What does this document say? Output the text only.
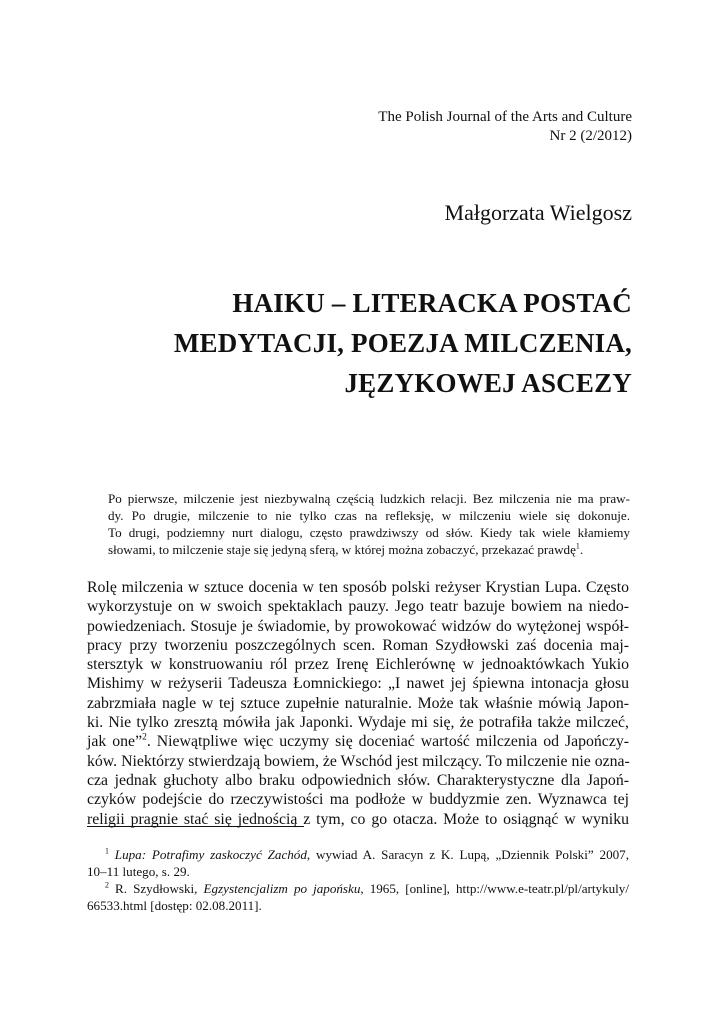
The Polish Journal of the Arts and Culture
Nr 2 (2/2012)
Małgorzata Wielgosz
HAIKU – LITERACKA POSTAĆ
MEDYTACJI, POEZJA MILCZENIA,
JĘZYKOWEJ ASCEZY
Po pierwsze, milczenie jest niezbywalną częścią ludzkich relacji. Bez milczenia nie ma praw-
dy. Po drugie, milczenie to nie tylko czas na refleksję, w milczeniu wiele się dokonuje.
To drugi, podziemny nurt dialogu, często prawdziwszy od słów. Kiedy tak wiele kłamiemy
słowami, to milczenie staje się jedyną sferą, w której można zobaczyć, przekazać prawdę$^1$.
Rolę milczenia w sztuce docenia w ten sposób polski reżyser Krystian Lupa. Często
wykorzystuje on w swoich spektaklach pauzy. Jego teatr bazuje bowiem na niedo-
powiedzeniach. Stosuje je świadomie, by prowokować widzów do wytężonej współ-
pracy przy tworzeniu poszczególnych scen. Roman Szydłowski zaś docenia maj-
stersztyk w konstruowaniu ról przez Irenę Eichlerównę w jednoaktówkach Yukio
Mishimy w reżyserii Tadeusza Łomnickiego: „I nawet jej śpiewna intonacja głosu
zabrzmiała nagle w tej sztuce zupełnie naturalnie. Może tak właśnie mówią Japon-
ki. Nie tylko zresztą mówiła jak Japonki. Wydaje mi się, że potrafiła także milczeć,
jak one”$^2$. Niewątpliwe więc uczymy się doceniać wartość milczenia od Japończy-
ków. Niektórzy stwierdzają bowiem, że Wschód jest milczący. To milczenie nie ozna-
cza jednak głuchoty albo braku odpowiednich słów. Charakterystyczne dla Japoń-
czyków podejście do rzeczywistości ma podłoże w buddyzmie zen. Wyznawca tej
religii pragnie stać się jednością z tym, co go otacza. Może to osiągnąć w wyniku
$^1$ Lupa: Potrafimy zaskoczyć Zachód, wywiad A. Saracyn z K. Lupą, „Dziennik Polski” 2007,
10–11 lutego, s. 29.
$^2$ R. Szydłowski, Egzystencjalizm po japońsku, 1965, [online], http://www.e-teatr.pl/pl/artykuly/
66533.html [dostęp: 02.08.2011].
